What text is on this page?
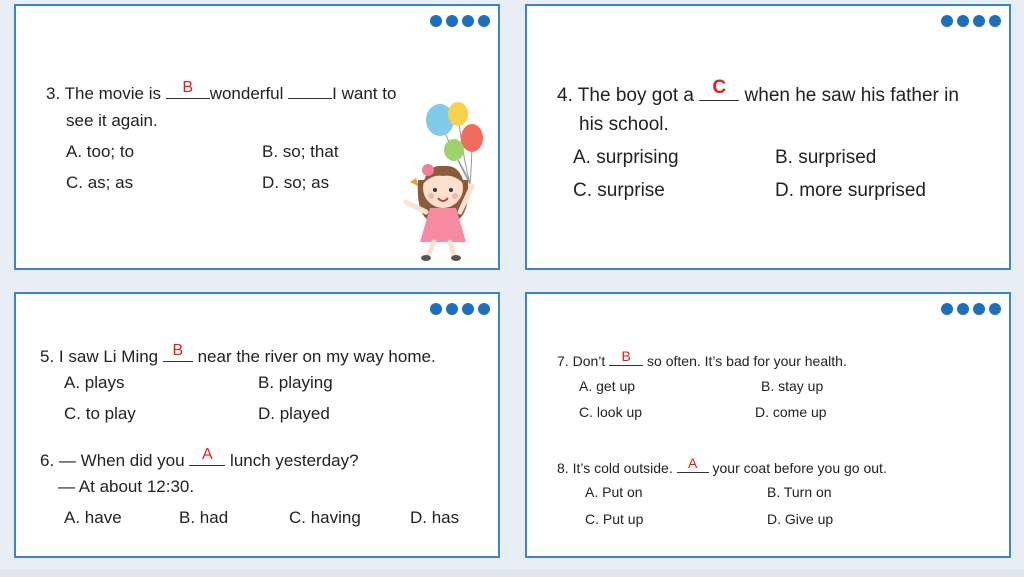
3. The movie is	B wonderful	I want to
see it again.
A. too; to	B. so; that
C. as; as	D. so; as
4. The boy got a C when he saw his father in
his school.
A. surprising	B. surprised
C. surprise	D. more surprised
5. I saw Li Ming B near the river on my way home.
A. plays	B. playing
C. to play	D. played
6. — When did you A lunch yesterday?
— At about 12:30.
A. have	B. had	C. having	D. has
7. Don’t B so often. It’s bad for your health.
A. get up	B. stay up
C. look up	D. come up
8. It’s cold outside. A your coat before you go out.
A. Put on	B. Turn on
C. Put up	D. Give up
